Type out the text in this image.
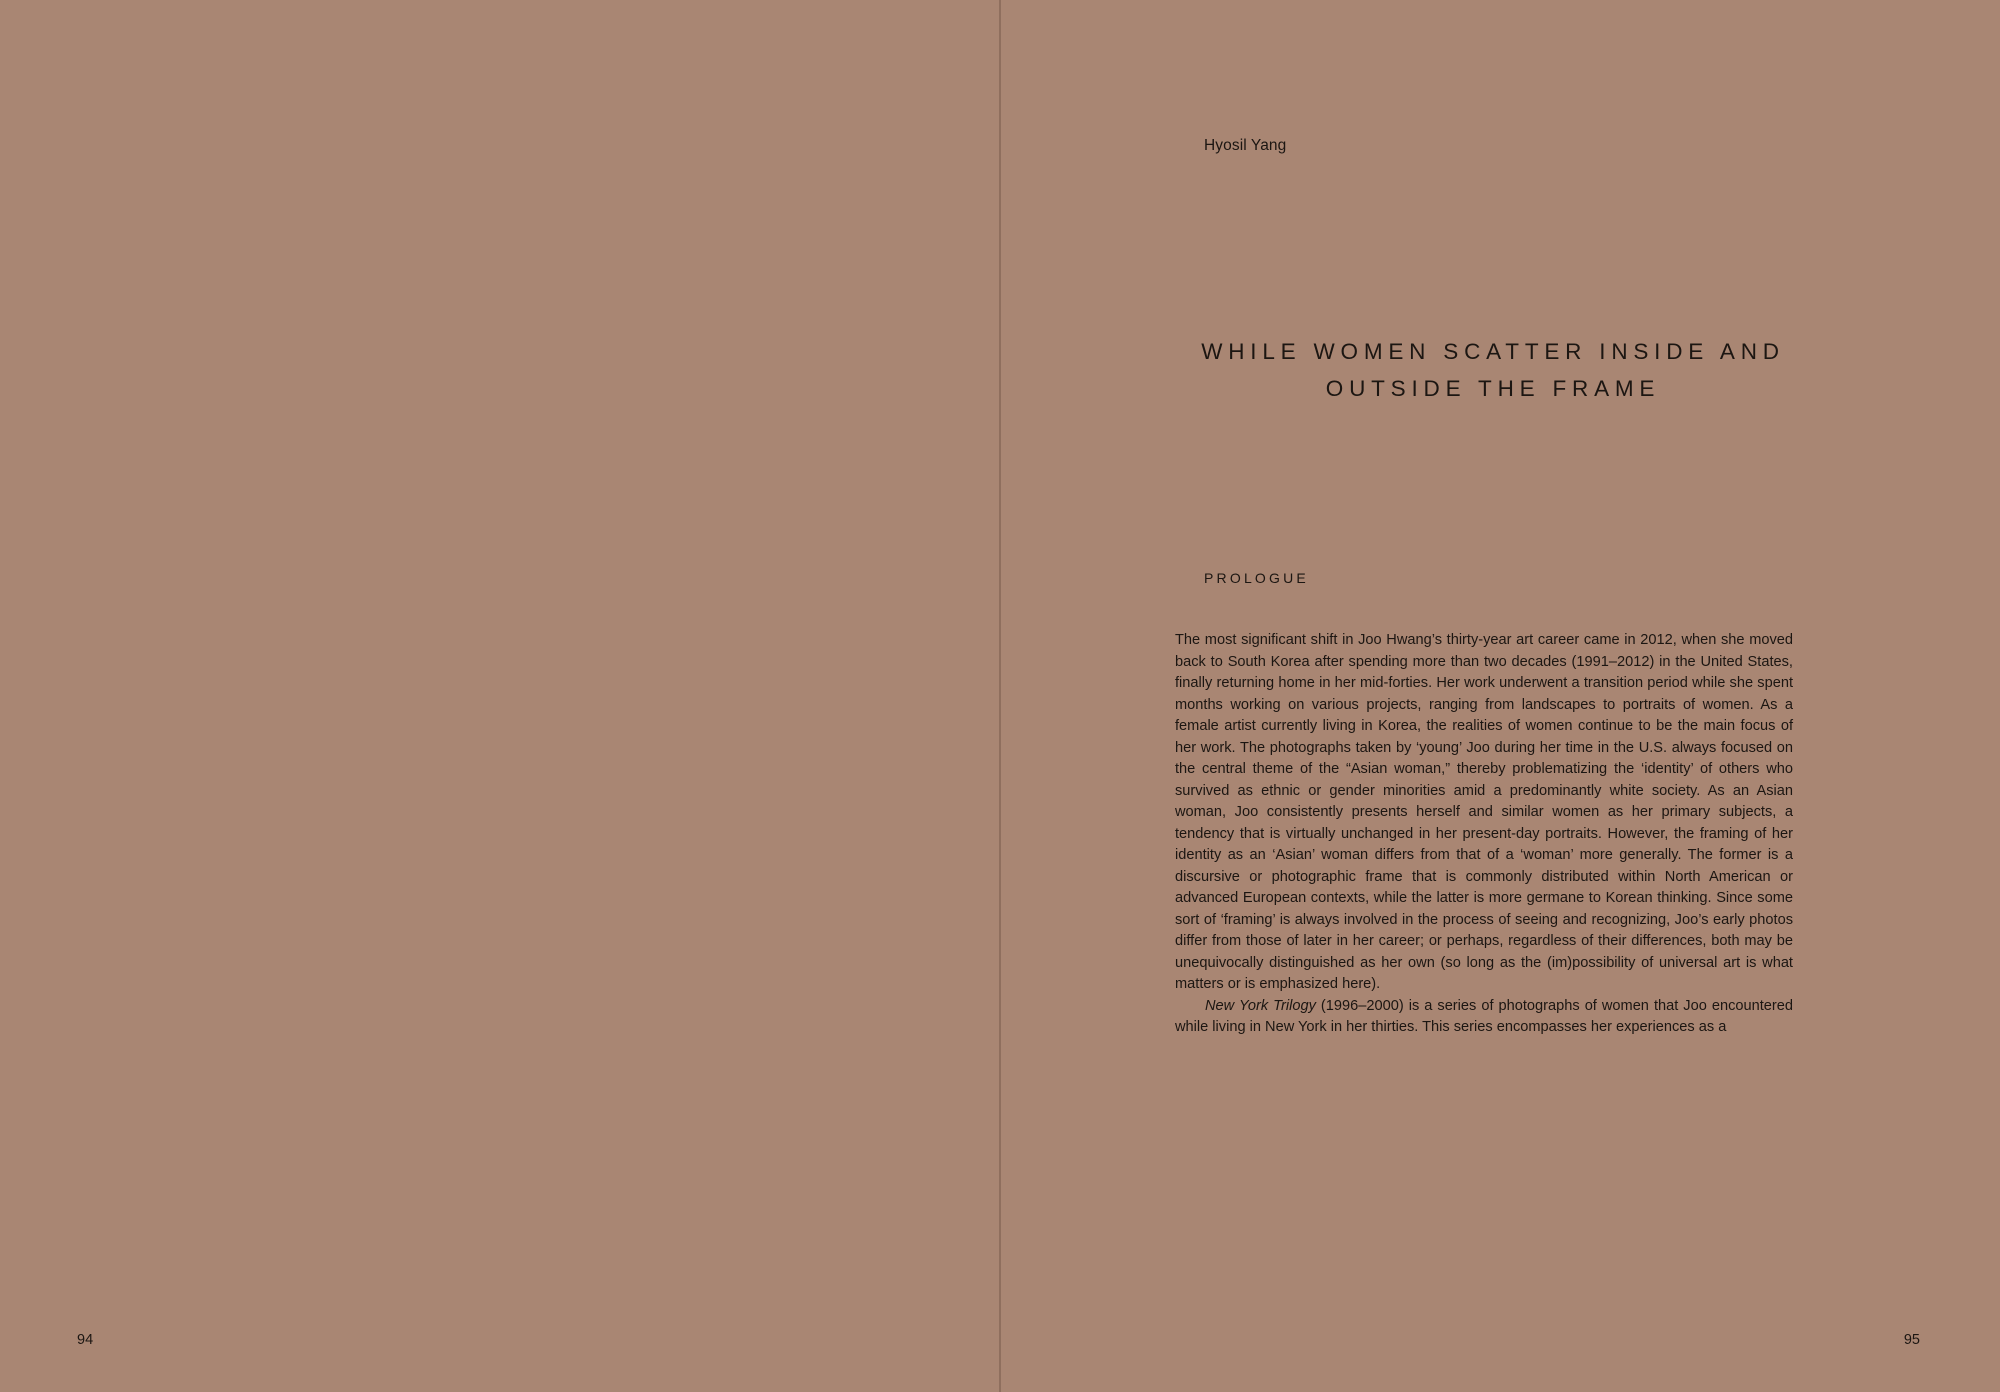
94
Hyosil Yang
WHILE WOMEN SCATTER INSIDE AND
OUTSIDE THE FRAME
PROLOGUE

The most significant shift in Joo Hwang’s thirty-year art career came in 2012, when she moved back to South Korea after spending more than two decades (1991–2012) in the United States, finally returning home in her mid-forties. Her work underwent a transition period while she spent months working on various projects, ranging from landscapes to portraits of women. As a female artist currently living in Korea, the realities of women continue to be the main focus of her work. The photographs taken by ‘young’ Joo during her time in the U.S. always focused on the central theme of the “Asian woman,” thereby problematizing the ‘identity’ of others who survived as ethnic or gender minorities amid a predominantly white society. As an Asian woman, Joo consistently presents herself and similar women as her primary subjects, a tendency that is virtually unchanged in her present-day portraits. However, the framing of her identity as an ‘Asian’ woman differs from that of a ‘woman’ more generally. The former is a discursive or photographic frame that is commonly distributed within North American or advanced European contexts, while the latter is more germane to Korean thinking. Since some sort of ‘framing’ is always involved in the process of seeing and recognizing, Joo’s early photos differ from those of later in her career; or perhaps, regardless of their differences, both may be unequivocally distinguished as her own (so long as the (im)possibility of universal art is what matters or is emphasized here).

New York Trilogy (1996–2000) is a series of photographs of women that Joo encountered while living in New York in her thirties. This series encompasses her experiences as a

95
